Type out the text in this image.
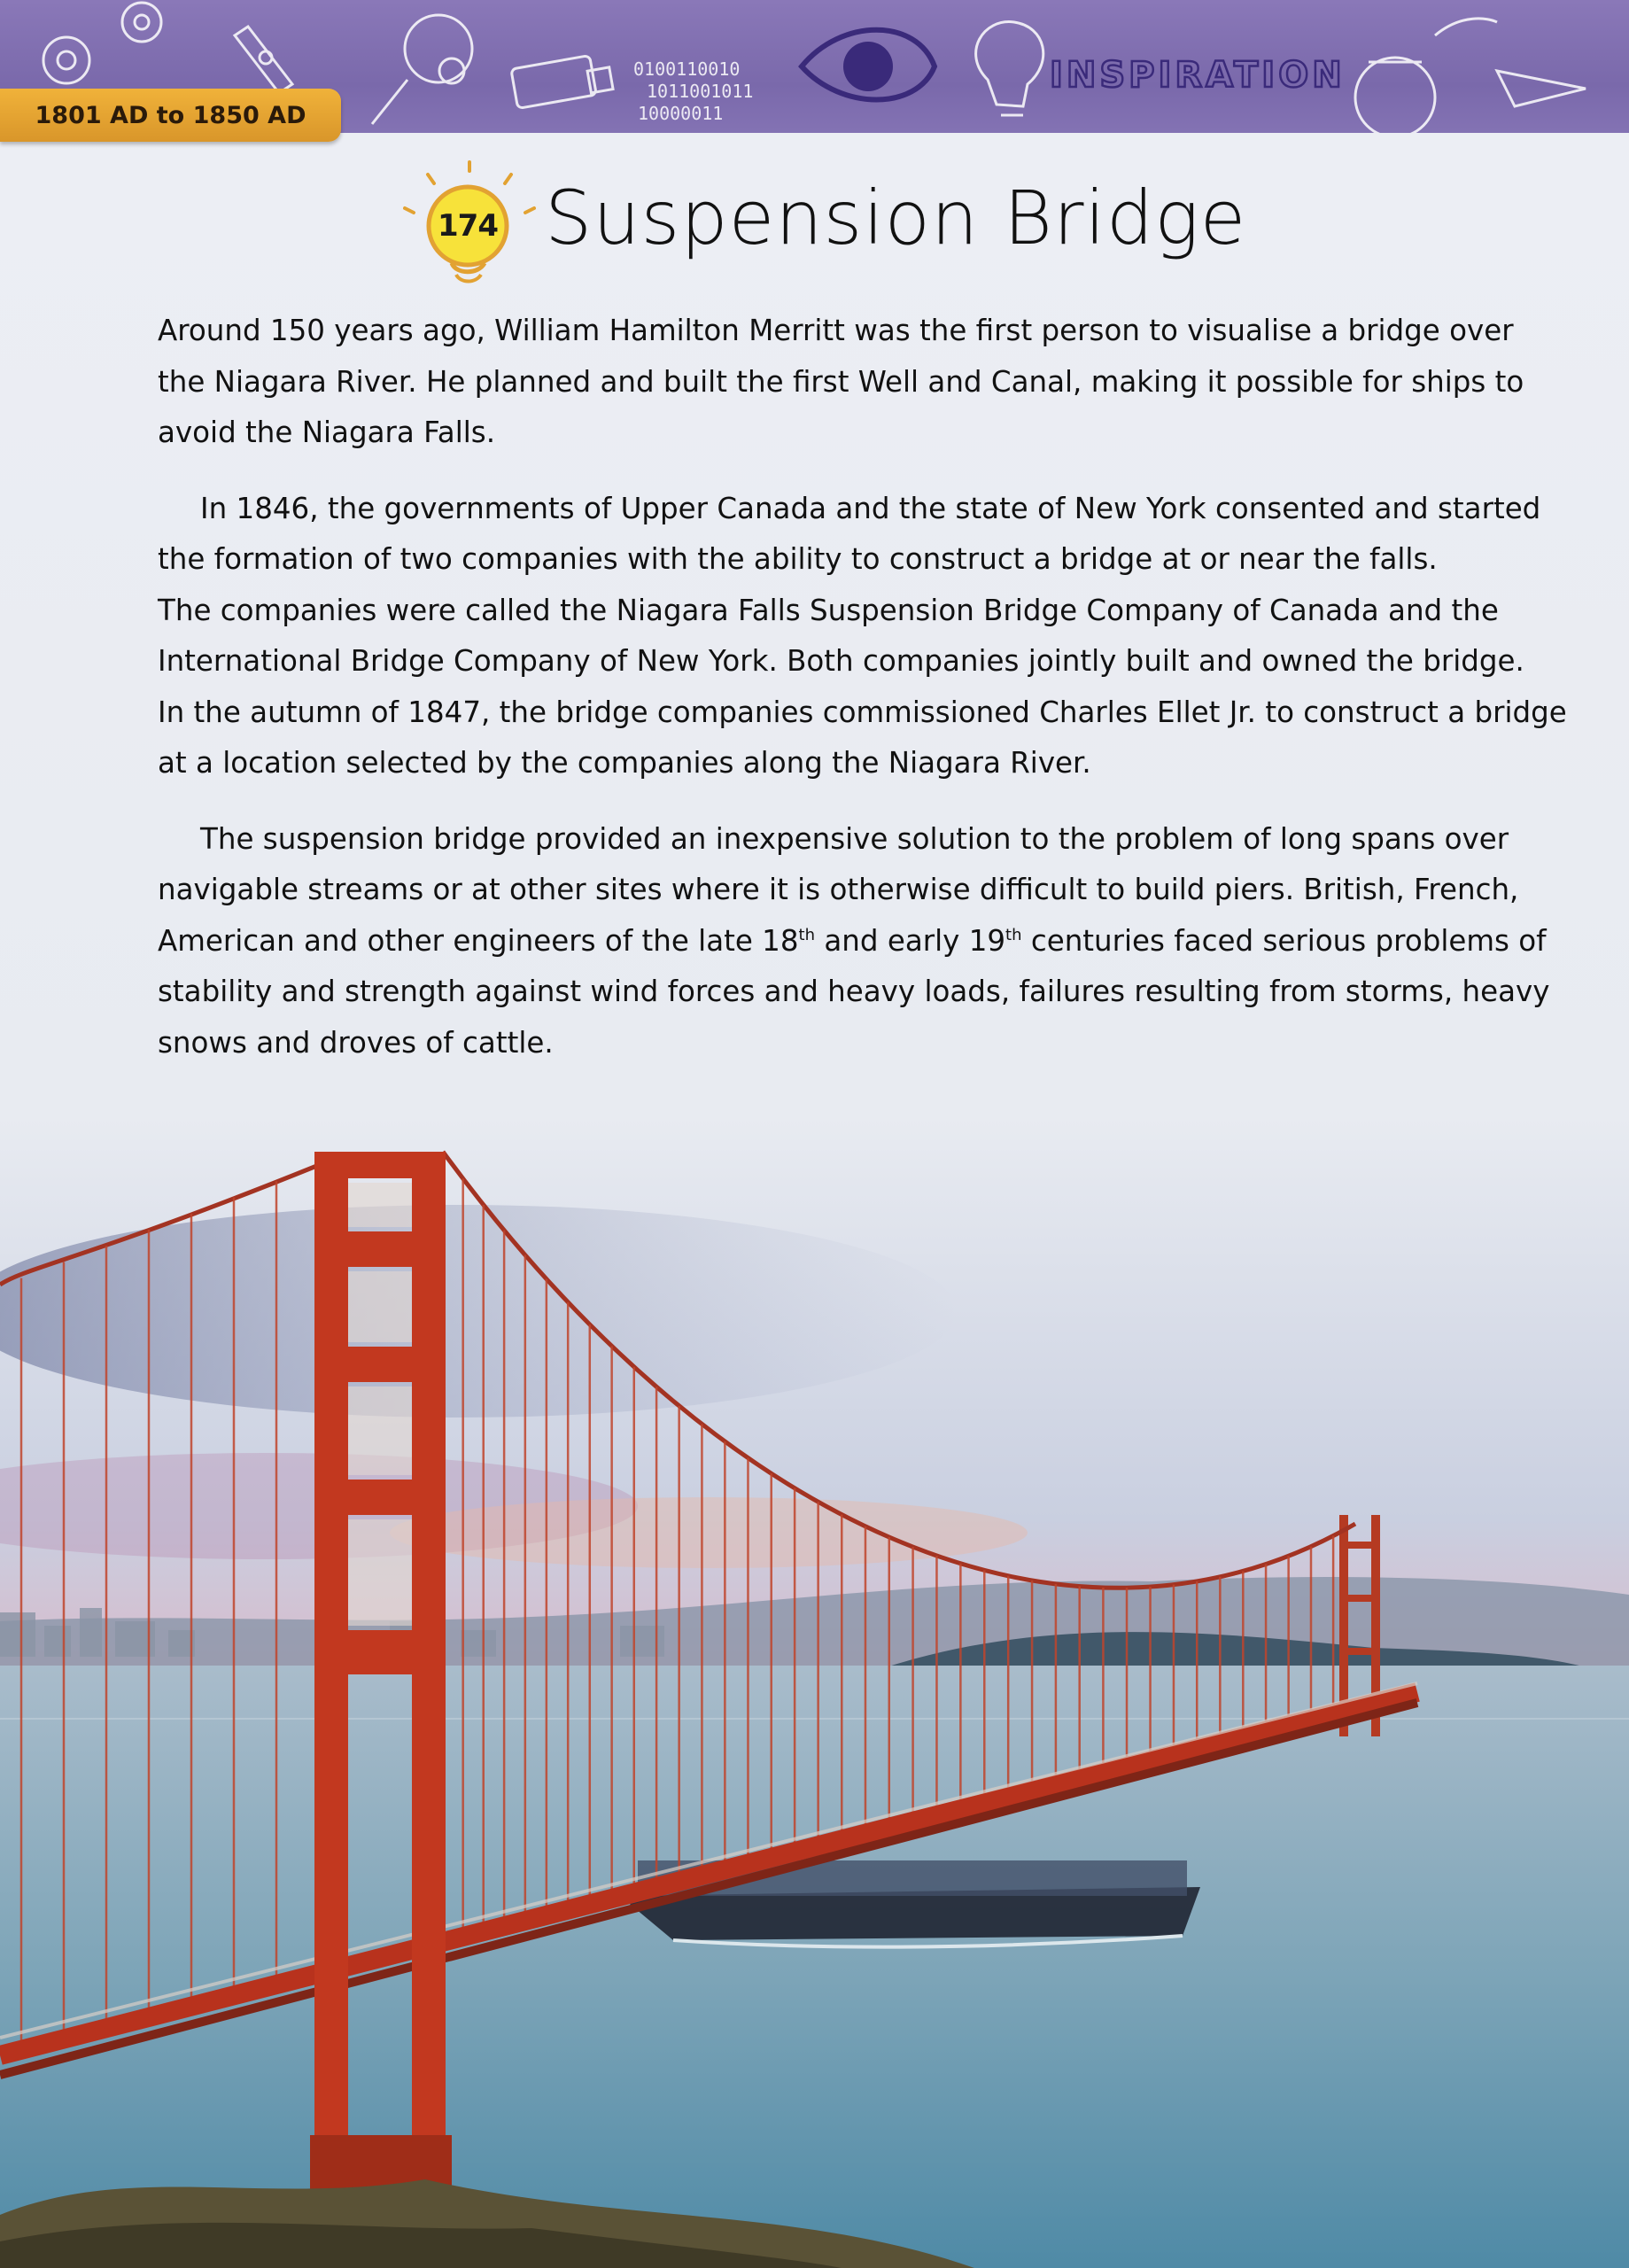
0100110010
1011001011
10000011
INSPIRATION
1801 AD to 1850 AD
174 Suspension Bridge

Around 150 years ago, William Hamilton Merritt was the first person to visualise a bridge over
the Niagara River. He planned and built the first Well and Canal, making it possible for ships to
avoid the Niagara Falls.

In 1846, the governments of Upper Canada and the state of New York consented and started
the formation of two companies with the ability to construct a bridge at or near the falls.
The companies were called the Niagara Falls Suspension Bridge Company of Canada and the
International Bridge Company of New York. Both companies jointly built and owned the bridge.
In the autumn of 1847, the bridge companies commissioned Charles Ellet Jr. to construct a bridge
at a location selected by the companies along the Niagara River.

The suspension bridge provided an inexpensive solution to the problem of long spans over
navigable streams or at other sites where it is otherwise difficult to build piers. British, French,
American and other engineers of the late 18th and early 19th centuries faced serious problems of
stability and strength against wind forces and heavy loads, failures resulting from storms, heavy
snows and droves of cattle.
